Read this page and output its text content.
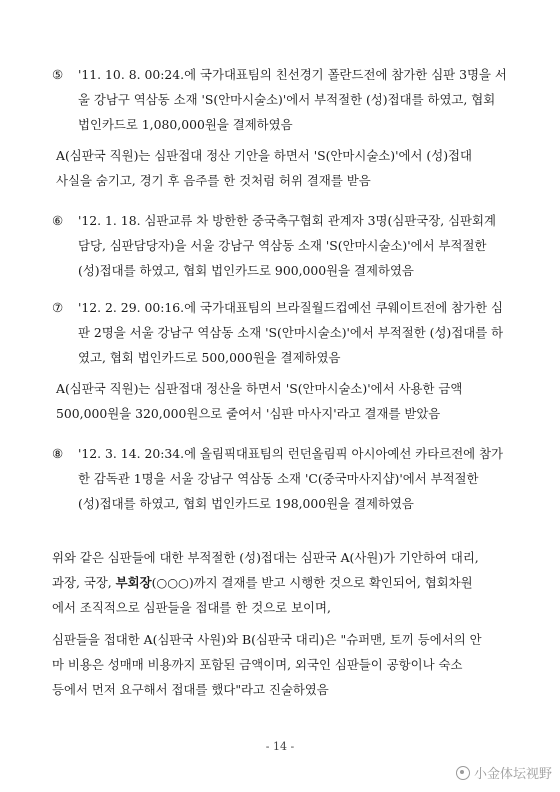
⑤ '11. 10. 8. 00:24.에 국가대표팀의 친선경기 폴란드전에 참가한 심판 3명을 서
울 강남구 역삼동 소재 'S(안마시술소)'에서 부적절한 (성)접대를 하였고, 협회
법인카드로 1,080,000원을 결제하였음
A(심판국 직원)는 심판접대 정산 기안을 하면서 'S(안마시술소)'에서 (성)접대
사실을 숨기고, 경기 후 음주를 한 것처럼 허위 결재를 받음
⑥ '12. 1. 18. 심판교류 차 방한한 중국축구협회 관계자 3명(심판국장, 심판회계
담당, 심판담당자)을 서울 강남구 역삼동 소재 'S(안마시술소)'에서 부적절한
(성)접대를 하였고, 협회 법인카드로 900,000원을 결제하였음
⑦ '12. 2. 29. 00:16.에 국가대표팀의 브라질월드컵예선 쿠웨이트전에 참가한 심
판 2명을 서울 강남구 역삼동 소재 'S(안마시술소)'에서 부적절한 (성)접대를 하
였고, 협회 법인카드로 500,000원을 결제하였음
A(심판국 직원)는 심판접대 정산을 하면서 'S(안마시술소)'에서 사용한 금액
500,000원을 320,000원으로 줄여서 '심판 마사지'라고 결재를 받았음
⑧ '12. 3. 14. 20:34.에 올림픽대표팀의 런던올림픽 아시아예선 카타르전에 참가
한 감독관 1명을 서울 강남구 역삼동 소재 'C(중국마사지샵)'에서 부적절한
(성)접대를 하였고, 협회 법인카드로 198,000원을 결제하였음
위와 같은 심판들에 대한 부적절한 (성)접대는 심판국 A(사원)가 기안하여 대리,
과장, 국장, 부회장(○○○)까지 결재를 받고 시행한 것으로 확인되어, 협회차원
에서 조직적으로 심판들을 접대를 한 것으로 보이며,
심판들을 접대한 A(심판국 사원)와 B(심판국 대리)은 "슈퍼맨, 토끼 등에서의 안
마 비용은 성매매 비용까지 포함된 금액이며, 외국인 심판들이 공항이나 숙소
등에서 먼저 요구해서 접대를 했다"라고 진술하였음
- 14 -
小金体坛视野
